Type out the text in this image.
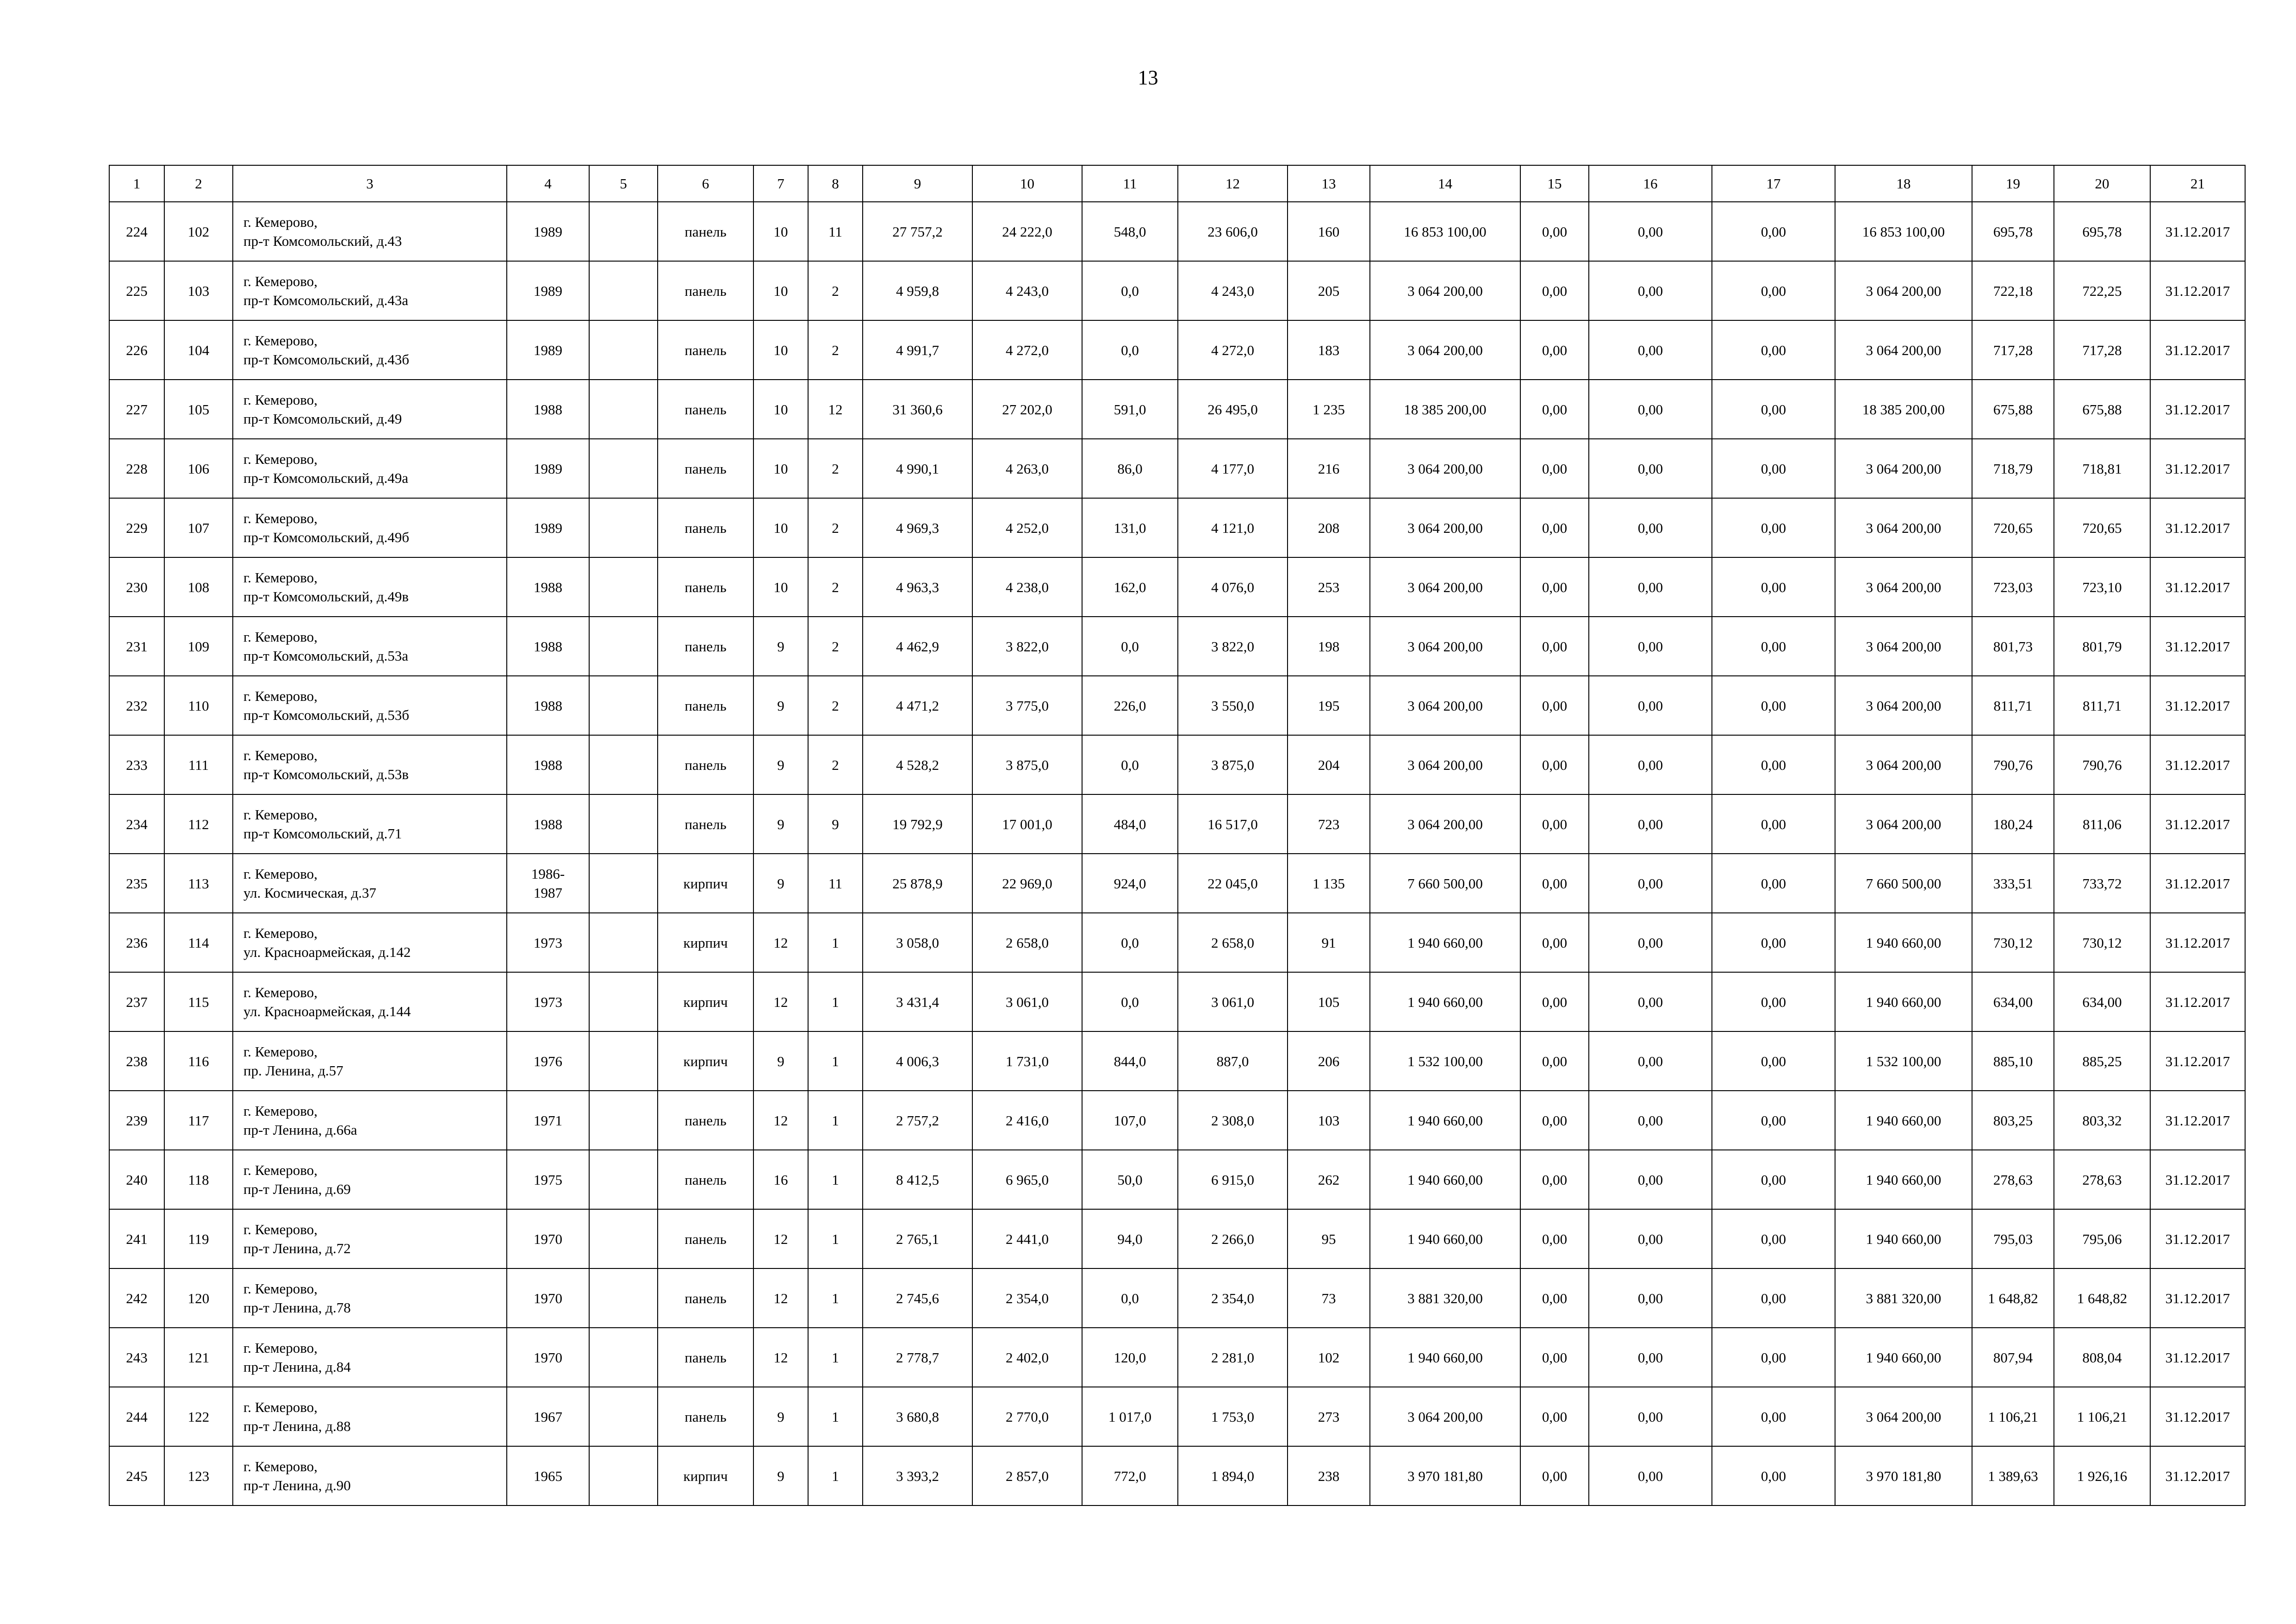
13
1	2	3	4	5	6	7	8	9	10	11	12	13	14	15	16	17	18	19	20	21
224	102	г. Кемерово,
пр-т Комсомольский, д.43	1989		панель	10	11	27 757,2	24 222,0	548,0	23 606,0	160	16 853 100,00	0,00	0,00	0,00	16 853 100,00	695,78	695,78	31.12.2017
225	103	г. Кемерово,
пр-т Комсомольский, д.43а	1989		панель	10	2	4 959,8	4 243,0	0,0	4 243,0	205	3 064 200,00	0,00	0,00	0,00	3 064 200,00	722,18	722,25	31.12.2017
226	104	г. Кемерово,
пр-т Комсомольский, д.43б	1989		панель	10	2	4 991,7	4 272,0	0,0	4 272,0	183	3 064 200,00	0,00	0,00	0,00	3 064 200,00	717,28	717,28	31.12.2017
227	105	г. Кемерово,
пр-т Комсомольский, д.49	1988		панель	10	12	31 360,6	27 202,0	591,0	26 495,0	1 235	18 385 200,00	0,00	0,00	0,00	18 385 200,00	675,88	675,88	31.12.2017
228	106	г. Кемерово,
пр-т Комсомольский, д.49а	1989		панель	10	2	4 990,1	4 263,0	86,0	4 177,0	216	3 064 200,00	0,00	0,00	0,00	3 064 200,00	718,79	718,81	31.12.2017
229	107	г. Кемерово,
пр-т Комсомольский, д.49б	1989		панель	10	2	4 969,3	4 252,0	131,0	4 121,0	208	3 064 200,00	0,00	0,00	0,00	3 064 200,00	720,65	720,65	31.12.2017
230	108	г. Кемерово,
пр-т Комсомольский, д.49в	1988		панель	10	2	4 963,3	4 238,0	162,0	4 076,0	253	3 064 200,00	0,00	0,00	0,00	3 064 200,00	723,03	723,10	31.12.2017
231	109	г. Кемерово,
пр-т Комсомольский, д.53а	1988		панель	9	2	4 462,9	3 822,0	0,0	3 822,0	198	3 064 200,00	0,00	0,00	0,00	3 064 200,00	801,73	801,79	31.12.2017
232	110	г. Кемерово,
пр-т Комсомольский, д.53б	1988		панель	9	2	4 471,2	3 775,0	226,0	3 550,0	195	3 064 200,00	0,00	0,00	0,00	3 064 200,00	811,71	811,71	31.12.2017
233	111	г. Кемерово,
пр-т Комсомольский, д.53в	1988		панель	9	2	4 528,2	3 875,0	0,0	3 875,0	204	3 064 200,00	0,00	0,00	0,00	3 064 200,00	790,76	790,76	31.12.2017
234	112	г. Кемерово,
пр-т Комсомольский, д.71	1988		панель	9	9	19 792,9	17 001,0	484,0	16 517,0	723	3 064 200,00	0,00	0,00	0,00	3 064 200,00	180,24	811,06	31.12.2017
235	113	г. Кемерово,
ул. Космическая, д.37	1986-
1987		кирпич	9	11	25 878,9	22 969,0	924,0	22 045,0	1 135	7 660 500,00	0,00	0,00	0,00	7 660 500,00	333,51	733,72	31.12.2017
236	114	г. Кемерово,
ул. Красноармейская, д.142	1973		кирпич	12	1	3 058,0	2 658,0	0,0	2 658,0	91	1 940 660,00	0,00	0,00	0,00	1 940 660,00	730,12	730,12	31.12.2017
237	115	г. Кемерово,
ул. Красноармейская, д.144	1973		кирпич	12	1	3 431,4	3 061,0	0,0	3 061,0	105	1 940 660,00	0,00	0,00	0,00	1 940 660,00	634,00	634,00	31.12.2017
238	116	г. Кемерово,
пр. Ленина, д.57	1976		кирпич	9	1	4 006,3	1 731,0	844,0	887,0	206	1 532 100,00	0,00	0,00	0,00	1 532 100,00	885,10	885,25	31.12.2017
239	117	г. Кемерово,
пр-т Ленина, д.66а	1971		панель	12	1	2 757,2	2 416,0	107,0	2 308,0	103	1 940 660,00	0,00	0,00	0,00	1 940 660,00	803,25	803,32	31.12.2017
240	118	г. Кемерово,
пр-т Ленина, д.69	1975		панель	16	1	8 412,5	6 965,0	50,0	6 915,0	262	1 940 660,00	0,00	0,00	0,00	1 940 660,00	278,63	278,63	31.12.2017
241	119	г. Кемерово,
пр-т Ленина, д.72	1970		панель	12	1	2 765,1	2 441,0	94,0	2 266,0	95	1 940 660,00	0,00	0,00	0,00	1 940 660,00	795,03	795,06	31.12.2017
242	120	г. Кемерово,
пр-т Ленина, д.78	1970		панель	12	1	2 745,6	2 354,0	0,0	2 354,0	73	3 881 320,00	0,00	0,00	0,00	3 881 320,00	1 648,82	1 648,82	31.12.2017
243	121	г. Кемерово,
пр-т Ленина, д.84	1970		панель	12	1	2 778,7	2 402,0	120,0	2 281,0	102	1 940 660,00	0,00	0,00	0,00	1 940 660,00	807,94	808,04	31.12.2017
244	122	г. Кемерово,
пр-т Ленина, д.88	1967		панель	9	1	3 680,8	2 770,0	1 017,0	1 753,0	273	3 064 200,00	0,00	0,00	0,00	3 064 200,00	1 106,21	1 106,21	31.12.2017
245	123	г. Кемерово,
пр-т Ленина, д.90	1965		кирпич	9	1	3 393,2	2 857,0	772,0	1 894,0	238	3 970 181,80	0,00	0,00	0,00	3 970 181,80	1 389,63	1 926,16	31.12.2017
